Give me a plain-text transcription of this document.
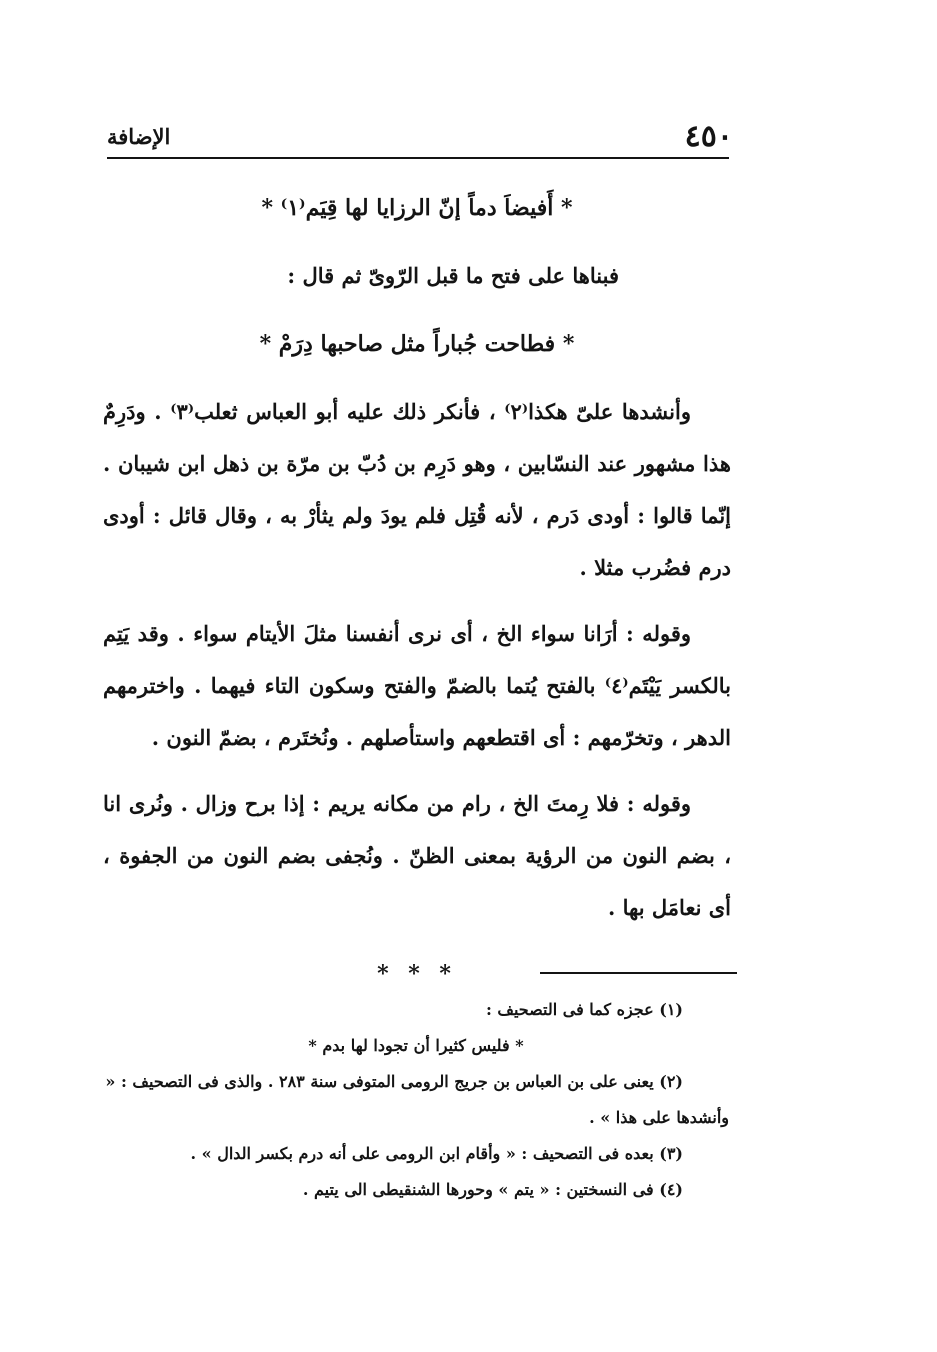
٤٥٠
الإضافة

* أَفيضاَ دماً إنّ الرزايا لها قِيَم⁽١⁾ *

فبناها على فتح ما قبل الرّوىّ ثم قال :

* فطاحت جُباراً مثل صاحبها دِرَمْ *

وأنشدها علىّ هكذا⁽٢⁾ ، فأنكر ذلك عليه أبو العباس ثعلب⁽٣⁾ . ودَرِمٌ هذا مشهور عند النسّابين ، وهو دَرِم بن دُبّ بن مرّة بن ذهل ابن شيبان . إنّما قالوا : أودى دَرم ، لأنه قُتِل فلم يودَ ولم يثأرْ به ، وقال قائل : أودى درم فضُرب مثلا .

وقوله : أرَانا سواء الخ ، أى نرى أنفسنا مثلَ الأيتام سواء . وقد يَتِم بالكسر يَيْتَم⁽٤⁾ بالفتح يُتما بالضمّ والفتح وسكون التاء فيهما . واخترمهم الدهر ، وتخرّمهم : أى اقتطعهم واستأصلهم . ونُختَرم ، بضمّ النون .

وقوله : فلا رِمتَ الخ ، رام من مكانه يريم : إذا برح وزال . ونُرى انا ، بضم النون من الرؤية بمعنى الظنّ . ونُجفى بضم النون من الجفوة ، أى نعامَل بها .

* * *

(١) عجزه كما فى التصحيف :

* فليس كثيرا أن تجودا لها بدم *

(٢) يعنى على بن العباس بن جريج الرومى المتوفى سنة ٢٨٣ . والذى فى التصحيف : « وأنشدها على هذا » .

(٣) بعده فى التصحيف : « وأقام ابن الرومى على أنه درم بكسر الدال » .

(٤) فى النسختين : « يتم » وحورها الشنقيطى الى يتيم .
